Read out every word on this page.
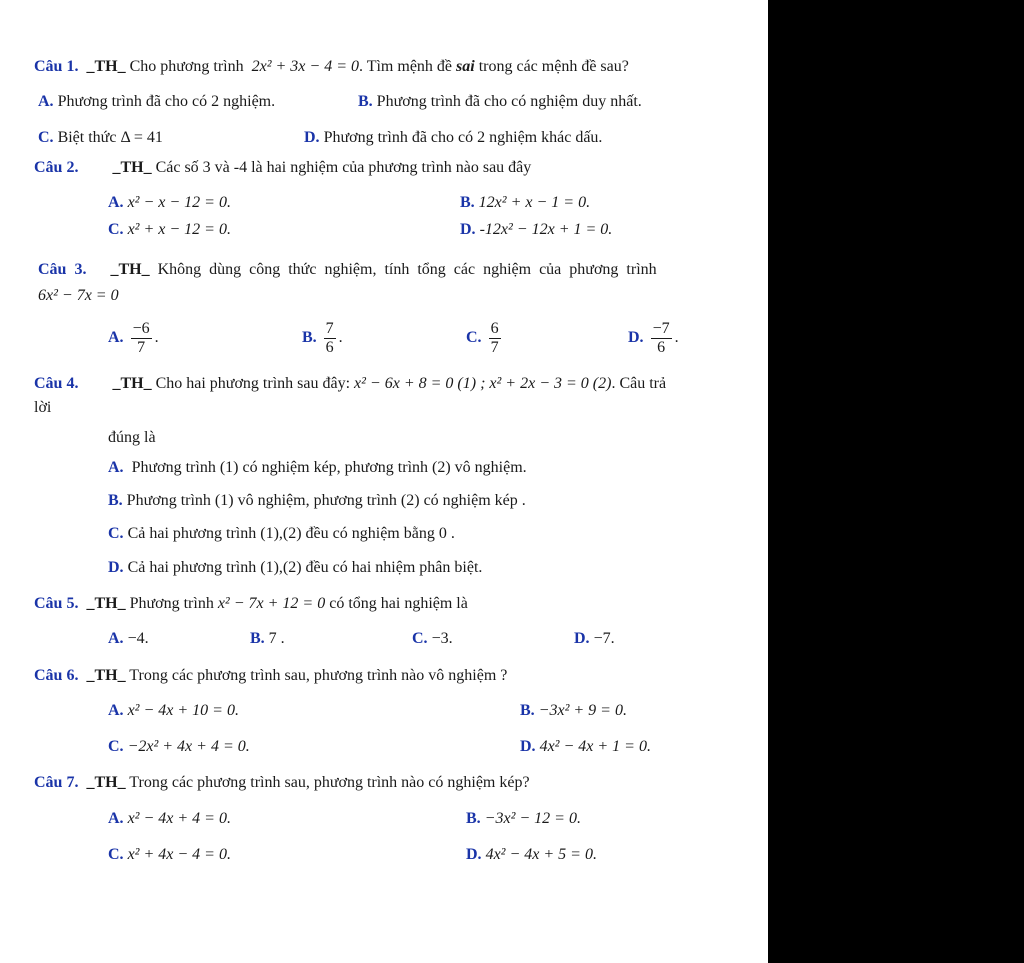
Câu 1. _TH_ Cho phương trình 2x² + 3x − 4 = 0. Tìm mệnh đề sai trong các mệnh đề sau?
A. Phương trình đã cho có 2 nghiệm.	B. Phương trình đã cho có nghiệm duy nhất.
C. Biệt thức Δ = 41	D. Phương trình đã cho có 2 nghiệm khác dấu.
Câu 2. _TH_ Các số 3 và -4 là hai nghiệm của phương trình nào sau đây
A. x² − x − 12 = 0.	B. 12x² + x − 1 = 0.
C. x² + x − 12 = 0.	D. -12x² − 12x + 1 = 0.
Câu 3. _TH_ Không dùng công thức nghiệm, tính tổng các nghiệm của phương trình
6x² − 7x = 0
A. $\frac{-6}{7}$ .	B. $\frac{7}{6}$ .	C. $\frac{6}{7}$	D. $\frac{-7}{6}$ .
Câu 4. _TH_ Cho hai phương trình sau đây: x² − 6x + 8 = 0 (1) ; x² + 2x − 3 = 0 (2). Câu trả
lời
đúng là
A. Phương trình (1) có nghiệm kép, phương trình (2) vô nghiệm.
B. Phương trình (1) vô nghiệm, phương trình (2) có nghiệm kép .
C. Cả hai phương trình (1),(2) đều có nghiệm bằng 0 .
D. Cả hai phương trình (1),(2) đều có hai nhiệm phân biệt.
Câu 5. _TH_ Phương trình x² − 7x + 12 = 0 có tổng hai nghiệm là
A. −4.	B. 7 .	C. −3.	D. −7.
Câu 6. _TH_ Trong các phương trình sau, phương trình nào vô nghiệm ?
A. x² − 4x + 10 = 0.	B. −3x² + 9 = 0.
C. −2x² + 4x + 4 = 0.	D. 4x² − 4x + 1 = 0.
Câu 7. _TH_ Trong các phương trình sau, phương trình nào có nghiệm kép?
A. x² − 4x + 4 = 0.	B. −3x² − 12 = 0.
C. x² + 4x − 4 = 0.	D. 4x² − 4x + 5 = 0.
